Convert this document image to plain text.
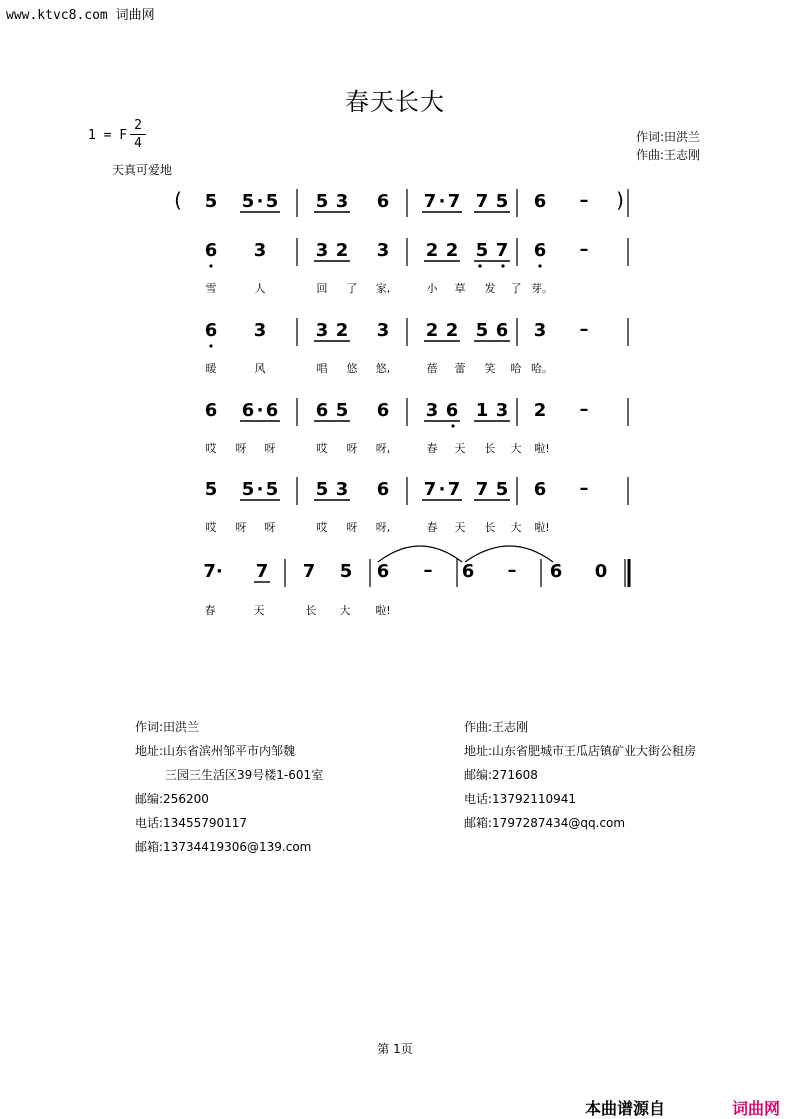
www.ktvc8.com 词曲网
春天长大
1 = F
2
4
天真可爱地
作词:田洪兰
作曲:王志刚
( 5 5 · 5 5 3 6 7 · 7 7 5 6 – )
6 3	3 2 3 2 2 5 7 6 –
雪	人	回 了 家,	小 草 发 了 芽。
6 3	3 2 3 2 2 5 6 3 –
暖	风	唱 悠 悠,	蓓 蕾 笑 哈 哈。
6 6 · 6 6 5 6 3 6 1 3 2 –
哎 呀 呀	哎 呀 呀,	春 天 长 大 啦!
5 5 · 5 5 3 6 7 · 7 7 5 6 –
哎 呀 呀	哎 呀 呀,	春 天 长 大 啦!
7· 7 7 5 6 – 6 – 6 0
春	天	长 大 啦!
作词:田洪兰
地址:山东省滨州邹平市内邹魏
三园三生活区39号楼1-601室
邮编:256200
电话:13455790117
邮箱:13734419306@139.com
作曲:王志刚
地址:山东省肥城市王瓜店镇矿业大街公租房
邮编:271608
电话:13792110941
邮箱:1797287434@qq.com
第 1页
本曲谱源自	词曲网
